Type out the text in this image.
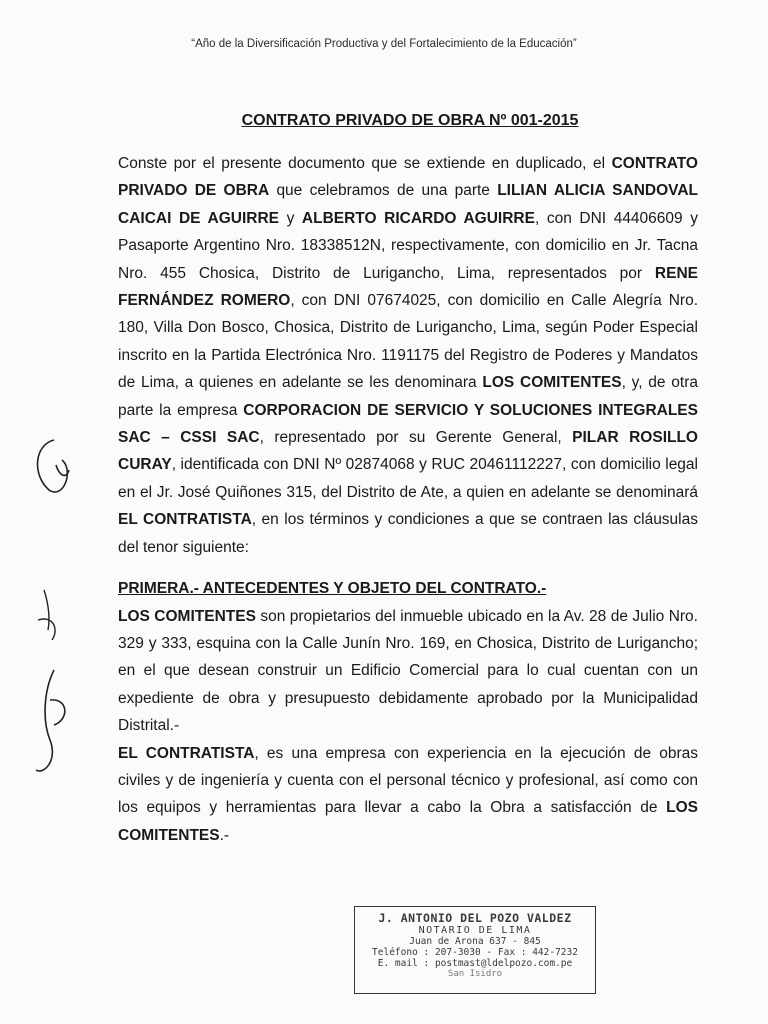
“Año de la Diversificación Productiva y del Fortalecimiento de la Educación”
CONTRATO PRIVADO DE OBRA Nº 001-2015

Conste por el presente documento que se extiende en duplicado, el CONTRATO PRIVADO DE OBRA que celebramos de una parte LILIAN ALICIA SANDOVAL CAICAI DE AGUIRRE y ALBERTO RICARDO AGUIRRE, con DNI 44406609 y Pasaporte Argentino Nro. 18338512N, respectivamente, con domicilio en Jr. Tacna Nro. 455 Chosica, Distrito de Lurigancho, Lima, representados por RENE FERNÁNDEZ ROMERO, con DNI 07674025, con domicilio en Calle Alegría Nro. 180, Villa Don Bosco, Chosica, Distrito de Lurigancho, Lima, según Poder Especial inscrito en la Partida Electrónica Nro. 1191175 del Registro de Poderes y Mandatos de Lima, a quienes en adelante se les denominara LOS COMITENTES, y, de otra parte la empresa CORPORACION DE SERVICIO Y SOLUCIONES INTEGRALES SAC – CSSI SAC, representado por su Gerente General, PILAR ROSILLO CURAY, identificada con DNI Nº 02874068 y RUC 20461112227, con domicilio legal en el Jr. José Quiñones 315, del Distrito de Ate, a quien en adelante se denominará EL CONTRATISTA, en los términos y condiciones a que se contraen las cláusulas del tenor siguiente:

PRIMERA.- ANTECEDENTES Y OBJETO DEL CONTRATO.-

LOS COMITENTES son propietarios del inmueble ubicado en la Av. 28 de Julio Nro. 329 y 333, esquina con la Calle Junín Nro. 169, en Chosica, Distrito de Lurigancho; en el que desean construir un Edificio Comercial para lo cual cuentan con un expediente de obra y presupuesto debidamente aprobado por la Municipalidad Distrital.-

EL CONTRATISTA, es una empresa con experiencia en la ejecución de obras civiles y de ingeniería y cuenta con el personal técnico y profesional, así como con los equipos y herramientas para llevar a cabo la Obra a satisfacción de LOS COMITENTES.-

J. ANTONIO DEL POZO VALDEZ
NOTARIO DE LIMA
Juan de Arona 637 - 845
Teléfono : 207-3030 - Fax : 442-7232
E. mail : postmast@ldelpozo.com.pe
San Isidro
